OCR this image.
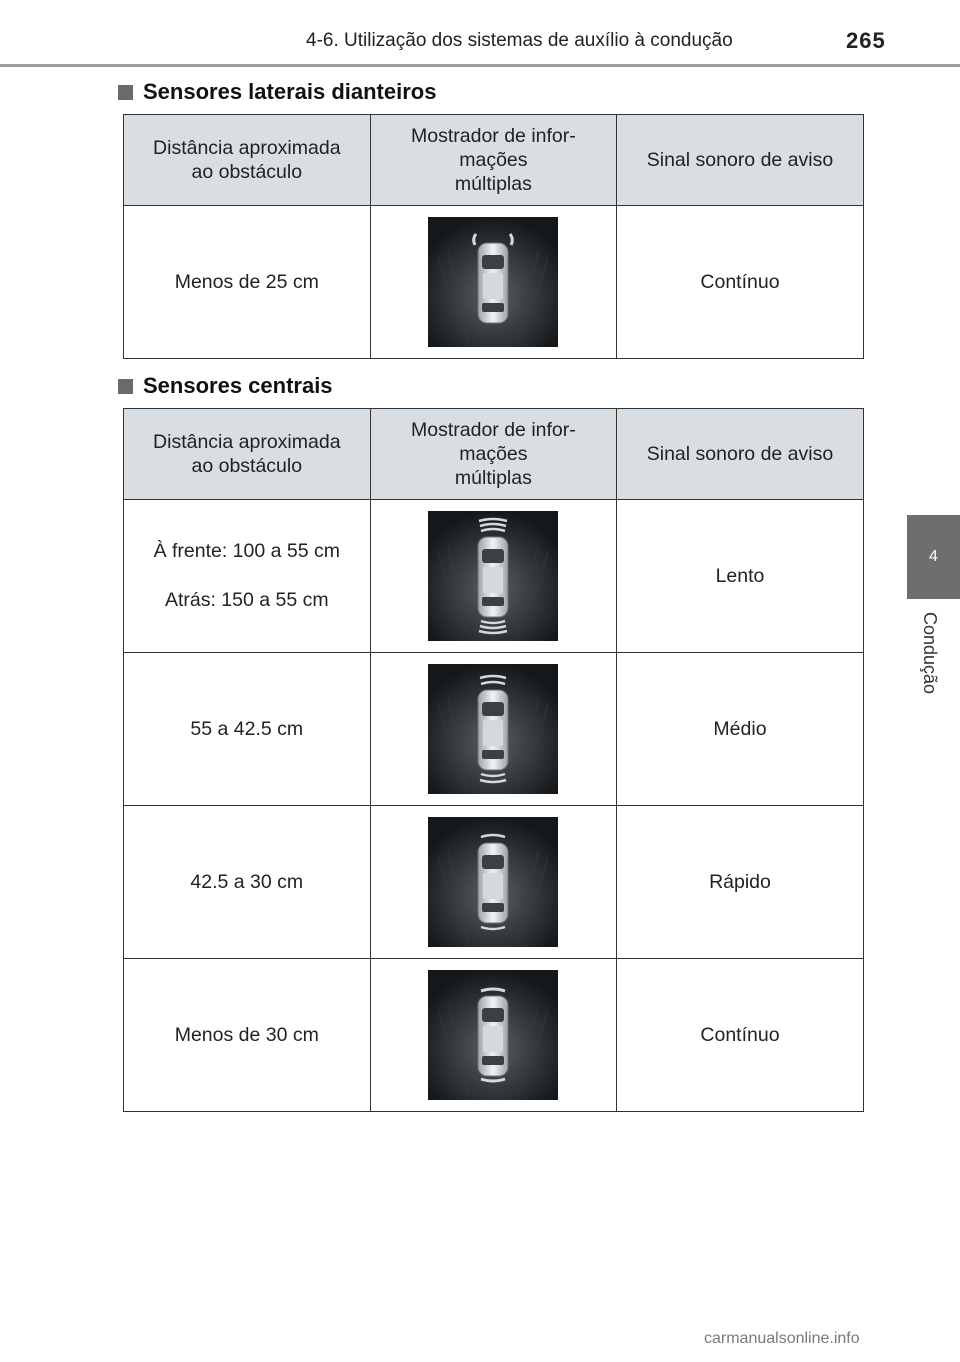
4-6. Utilização dos sistemas de auxílio à condução	265
4
Condução
Sensores laterais dianteiros
Distância aproximada
ao obstáculo	Mostrador de infor-
mações
múltiplas	Sinal sonoro de aviso
Menos de 25 cm		Contínuo
Sensores centrais
Distância aproximada
ao obstáculo	Mostrador de infor-
mações
múltiplas	Sinal sonoro de aviso

À frente: 100 a 55 cm
Atrás: 150 a 55 cm		Lento
55 a 42.5 cm		Médio
42.5 a 30 cm		Rápido
Menos de 30 cm		Contínuo
carmanualsonline.info
